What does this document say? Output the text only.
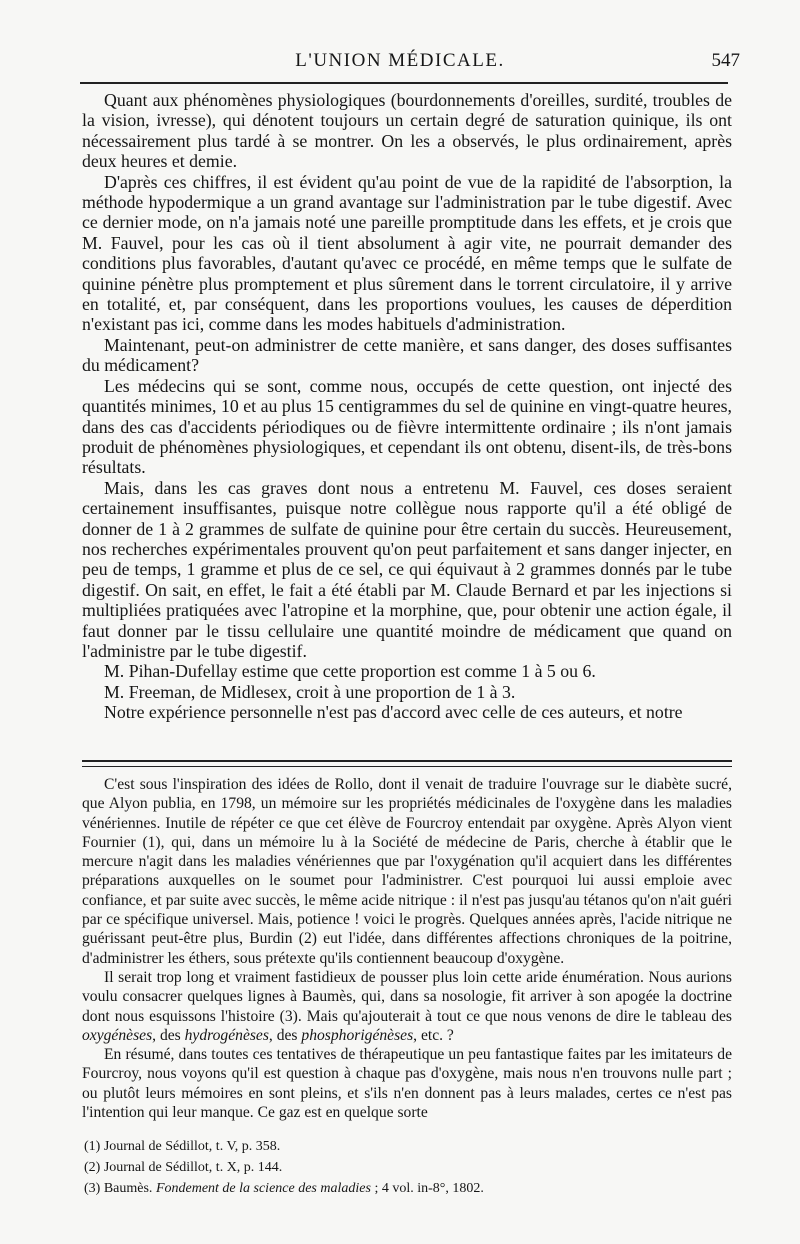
L'UNION MÉDICALE.	547

Quant aux phénomènes physiologiques (bourdonnements d'oreilles, surdité, troubles de la vision, ivresse), qui dénotent toujours un certain degré de saturation quinique, ils ont nécessairement plus tardé à se montrer. On les a observés, le plus ordinairement, après deux heures et demie.

D'après ces chiffres, il est évident qu'au point de vue de la rapidité de l'absorption, la méthode hypodermique a un grand avantage sur l'administration par le tube digestif. Avec ce dernier mode, on n'a jamais noté une pareille promptitude dans les effets, et je crois que M. Fauvel, pour les cas où il tient absolument à agir vite, ne pourrait demander des conditions plus favorables, d'autant qu'avec ce procédé, en même temps que le sulfate de quinine pénètre plus promptement et plus sûrement dans le torrent circulatoire, il y arrive en totalité, et, par conséquent, dans les proportions voulues, les causes de déperdition n'existant pas ici, comme dans les modes habituels d'administration.

Maintenant, peut-on administrer de cette manière, et sans danger, des doses suffisantes du médicament?

Les médecins qui se sont, comme nous, occupés de cette question, ont injecté des quantités minimes, 10 et au plus 15 centigrammes du sel de quinine en vingt-quatre heures, dans des cas d'accidents périodiques ou de fièvre intermittente ordinaire ; ils n'ont jamais produit de phénomènes physiologiques, et cependant ils ont obtenu, disent-ils, de très-bons résultats.

Mais, dans les cas graves dont nous a entretenu M. Fauvel, ces doses seraient certainement insuffisantes, puisque notre collègue nous rapporte qu'il a été obligé de donner de 1 à 2 grammes de sulfate de quinine pour être certain du succès. Heureusement, nos recherches expérimentales prouvent qu'on peut parfaitement et sans danger injecter, en peu de temps, 1 gramme et plus de ce sel, ce qui équivaut à 2 grammes donnés par le tube digestif. On sait, en effet, le fait a été établi par M. Claude Bernard et par les injections si multipliées pratiquées avec l'atropine et la morphine, que, pour obtenir une action égale, il faut donner par le tissu cellulaire une quantité moindre de médicament que quand on l'administre par le tube digestif.

M. Pihan-Dufellay estime que cette proportion est comme 1 à 5 ou 6.

M. Freeman, de Midlesex, croit à une proportion de 1 à 3.

Notre expérience personnelle n'est pas d'accord avec celle de ces auteurs, et notre

C'est sous l'inspiration des idées de Rollo, dont il venait de traduire l'ouvrage sur le diabète sucré, que Alyon publia, en 1798, un mémoire sur les propriétés médicinales de l'oxygène dans les maladies vénériennes. Inutile de répéter ce que cet élève de Fourcroy entendait par oxygène. Après Alyon vient Fournier (1), qui, dans un mémoire lu à la Société de médecine de Paris, cherche à établir que le mercure n'agit dans les maladies vénériennes que par l'oxygénation qu'il acquiert dans les différentes préparations auxquelles on le soumet pour l'administrer. C'est pourquoi lui aussi emploie avec confiance, et par suite avec succès, le même acide nitrique : il n'est pas jusqu'au tétanos qu'on n'ait guéri par ce spécifique universel. Mais, potience ! voici le progrès. Quelques années après, l'acide nitrique ne guérissant peut-être plus, Burdin (2) eut l'idée, dans différentes affections chroniques de la poitrine, d'administrer les éthers, sous prétexte qu'ils contiennent beaucoup d'oxygène.

Il serait trop long et vraiment fastidieux de pousser plus loin cette aride énumération. Nous aurions voulu consacrer quelques lignes à Baumès, qui, dans sa nosologie, fit arriver à son apogée la doctrine dont nous esquissons l'histoire (3). Mais qu'ajouterait à tout ce que nous venons de dire le tableau des oxygénèses, des hydrogénèses, des phosphorigénèses, etc. ?

En résumé, dans toutes ces tentatives de thérapeutique un peu fantastique faites par les imitateurs de Fourcroy, nous voyons qu'il est question à chaque pas d'oxygène, mais nous n'en trouvons nulle part ; ou plutôt leurs mémoires en sont pleins, et s'ils n'en donnent pas à leurs malades, certes ce n'est pas l'intention qui leur manque. Ce gaz est en quelque sorte

(1) Journal de Sédillot, t. V, p. 358.
(2) Journal de Sédillot, t. X, p. 144.
(3) Baumès. Fondement de la science des maladies ; 4 vol. in-8°, 1802.
